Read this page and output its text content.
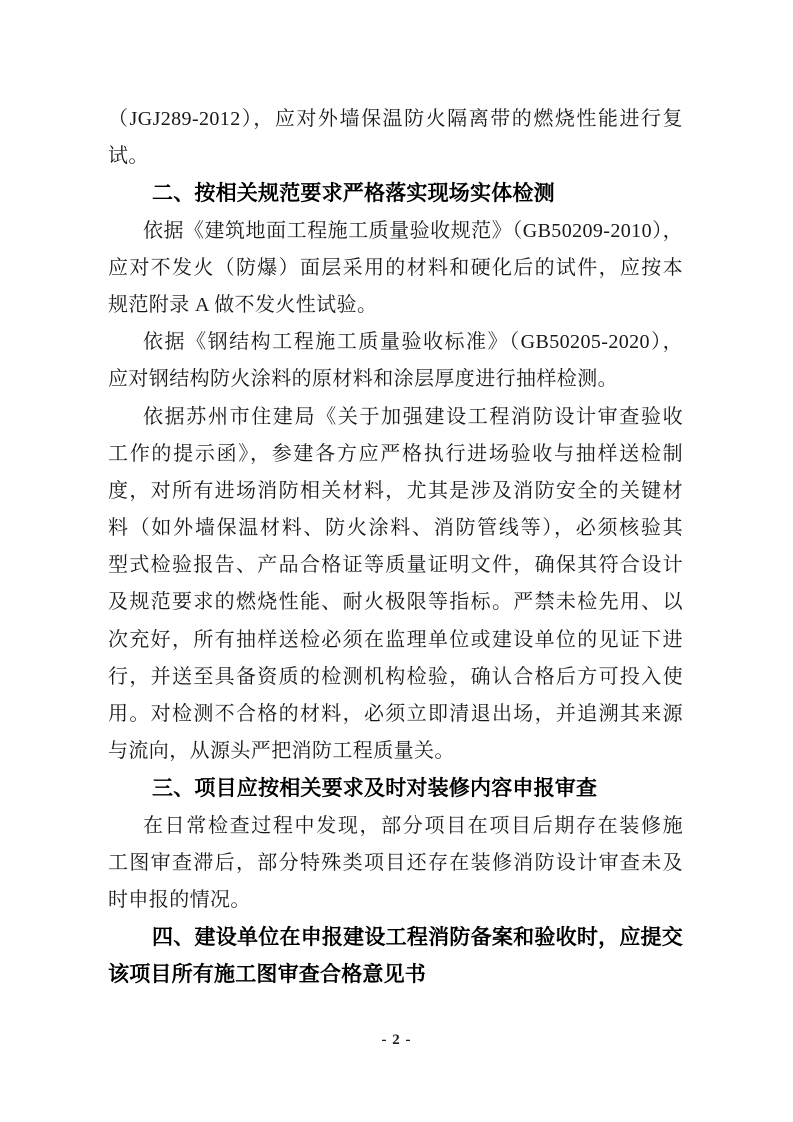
（JGJ289-2012），应对外墙保温防火隔离带的燃烧性能进行复
试。
二、按相关规范要求严格落实现场实体检测
依据《建筑地面工程施工质量验收规范》（GB50209-2010），
应对不发火（防爆）面层采用的材料和硬化后的试件，应按本
规范附录 A 做不发火性试验。
依据《钢结构工程施工质量验收标准》（GB50205-2020），
应对钢结构防火涂料的原材料和涂层厚度进行抽样检测。
依据苏州市住建局《关于加强建设工程消防设计审查验收
工作的提示函》，参建各方应严格执行进场验收与抽样送检制
度，对所有进场消防相关材料，尤其是涉及消防安全的关键材
料（如外墙保温材料、防火涂料、消防管线等），必须核验其
型式检验报告、产品合格证等质量证明文件，确保其符合设计
及规范要求的燃烧性能、耐火极限等指标。严禁未检先用、以
次充好，所有抽样送检必须在监理单位或建设单位的见证下进
行，并送至具备资质的检测机构检验，确认合格后方可投入使
用。对检测不合格的材料，必须立即清退出场，并追溯其来源
与流向，从源头严把消防工程质量关。
三、项目应按相关要求及时对装修内容申报审查
在日常检查过程中发现，部分项目在项目后期存在装修施
工图审查滞后，部分特殊类项目还存在装修消防设计审查未及
时申报的情况。
四、建设单位在申报建设工程消防备案和验收时，应提交
该项目所有施工图审查合格意见书
- 2 -
